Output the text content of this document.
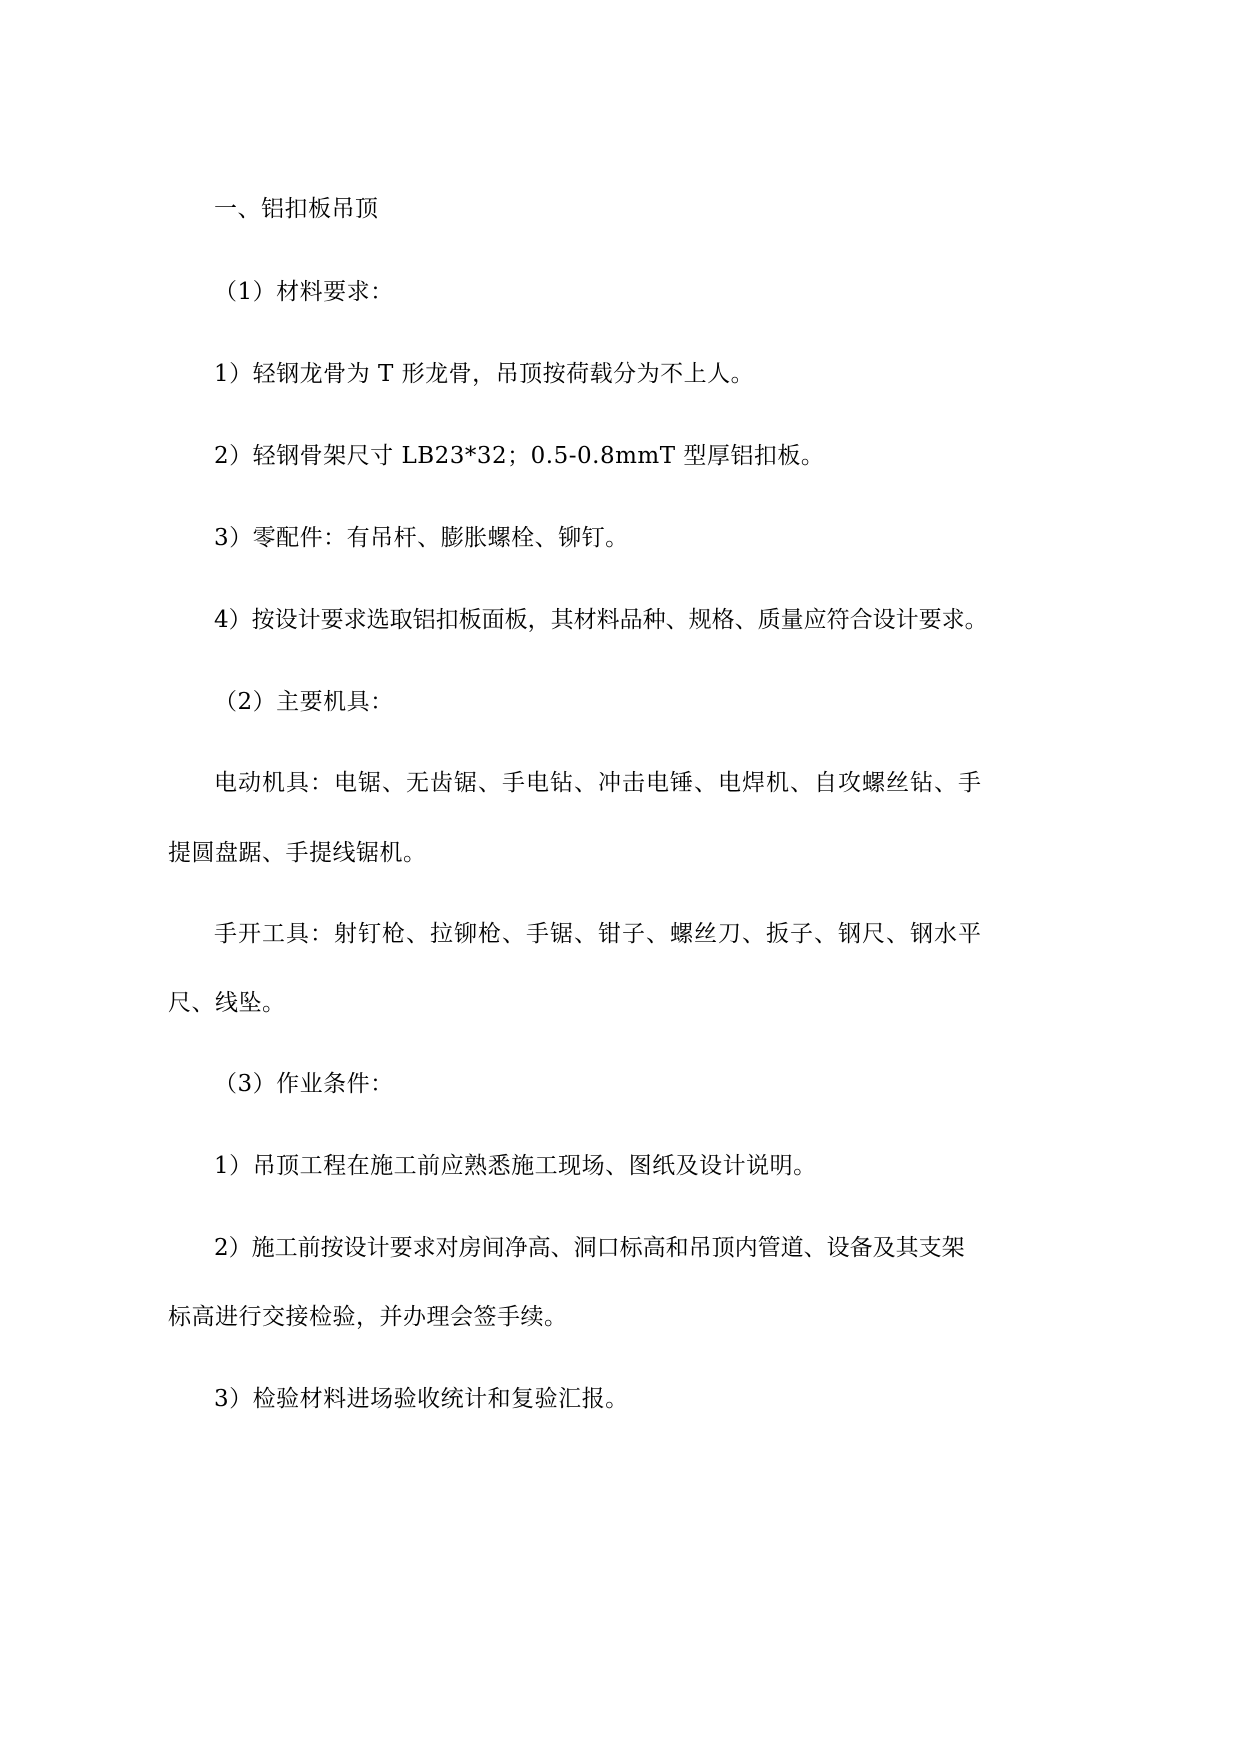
一、铝扣板吊顶
（1）材料要求：
1）轻钢龙骨为 T 形龙骨，吊顶按荷载分为不上人。
2）轻钢骨架尺寸 LB23*32；0.5-0.8mmT 型厚铝扣板。
3）零配件：有吊杆、膨胀螺栓、铆钉。
4）按设计要求选取铝扣板面板，其材料品种、规格、质量应符合设计要求。
（2）主要机具：
电动机具：电锯、无齿锯、手电钻、冲击电锤、电焊机、自攻螺丝钻、手
提圆盘踞、手提线锯机。
手开工具：射钉枪、拉铆枪、手锯、钳子、螺丝刀、扳子、钢尺、钢水平
尺、线坠。
（3）作业条件：
1）吊顶工程在施工前应熟悉施工现场、图纸及设计说明。
2）施工前按设计要求对房间净高、洞口标高和吊顶内管道、设备及其支架
标高进行交接检验，并办理会签手续。
3）检验材料进场验收统计和复验汇报。
